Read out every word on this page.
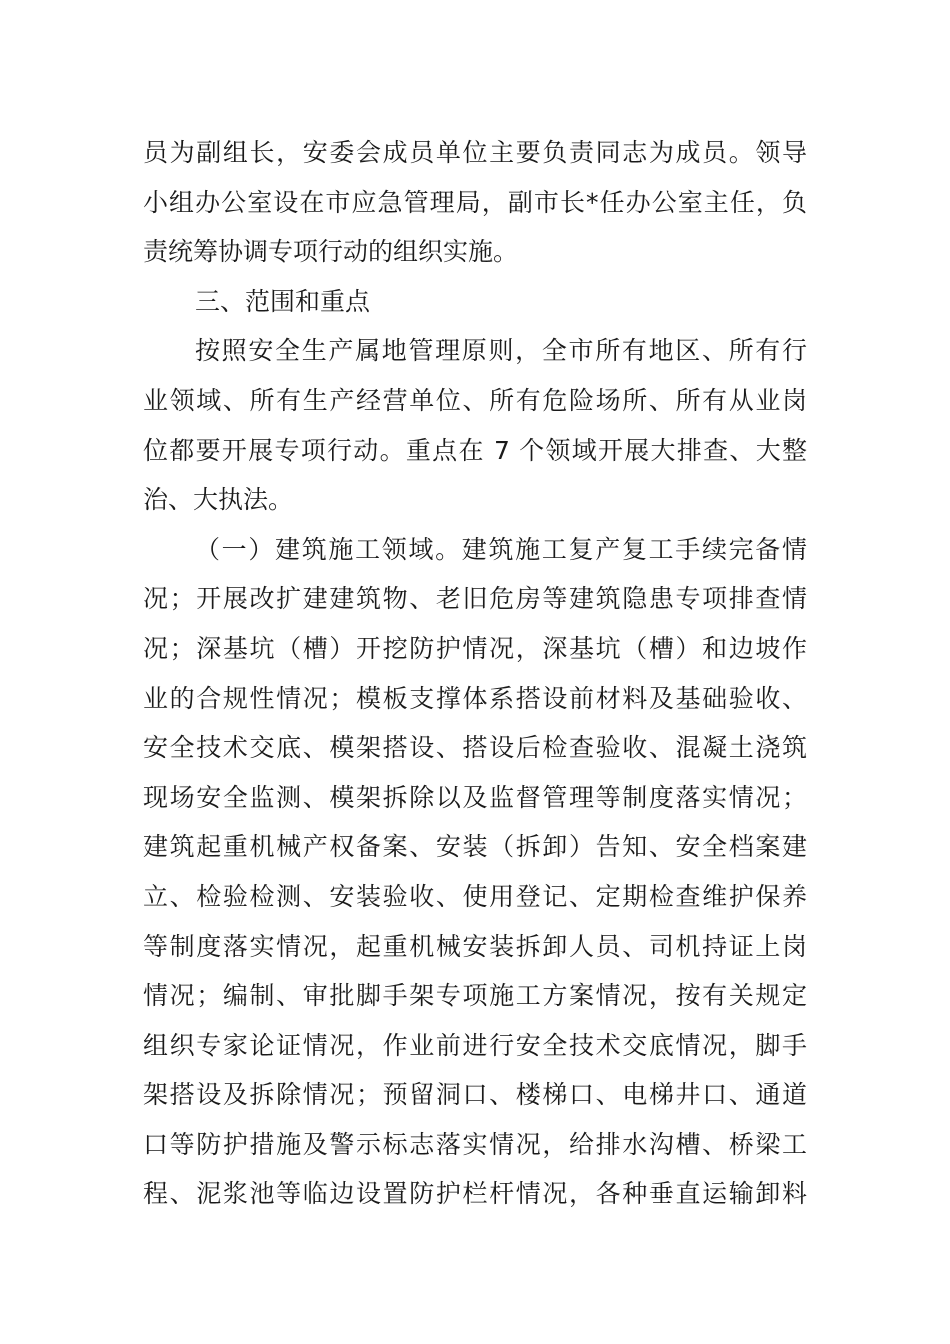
员为副组长，安委会成员单位主要负责同志为成员。领导
小组办公室设在市应急管理局，副市长*任办公室主任，负
责统筹协调专项行动的组织实施。
三、范围和重点
按照安全生产属地管理原则，全市所有地区、所有行
业领域、所有生产经营单位、所有危险场所、所有从业岗
位都要开展专项行动。重点在 7 个领域开展大排查、大整
治、大执法。
（一）建筑施工领域。建筑施工复产复工手续完备情
况；开展改扩建建筑物、老旧危房等建筑隐患专项排查情
况；深基坑（槽）开挖防护情况，深基坑（槽）和边坡作
业的合规性情况；模板支撑体系搭设前材料及基础验收、
安全技术交底、模架搭设、搭设后检查验收、混凝土浇筑
现场安全监测、模架拆除以及监督管理等制度落实情况；
建筑起重机械产权备案、安装（拆卸）告知、安全档案建
立、检验检测、安装验收、使用登记、定期检查维护保养
等制度落实情况，起重机械安装拆卸人员、司机持证上岗
情况；编制、审批脚手架专项施工方案情况，按有关规定
组织专家论证情况，作业前进行安全技术交底情况，脚手
架搭设及拆除情况；预留洞口、楼梯口、电梯井口、通道
口等防护措施及警示标志落实情况，给排水沟槽、桥梁工
程、泥浆池等临边设置防护栏杆情况，各种垂直运输卸料
